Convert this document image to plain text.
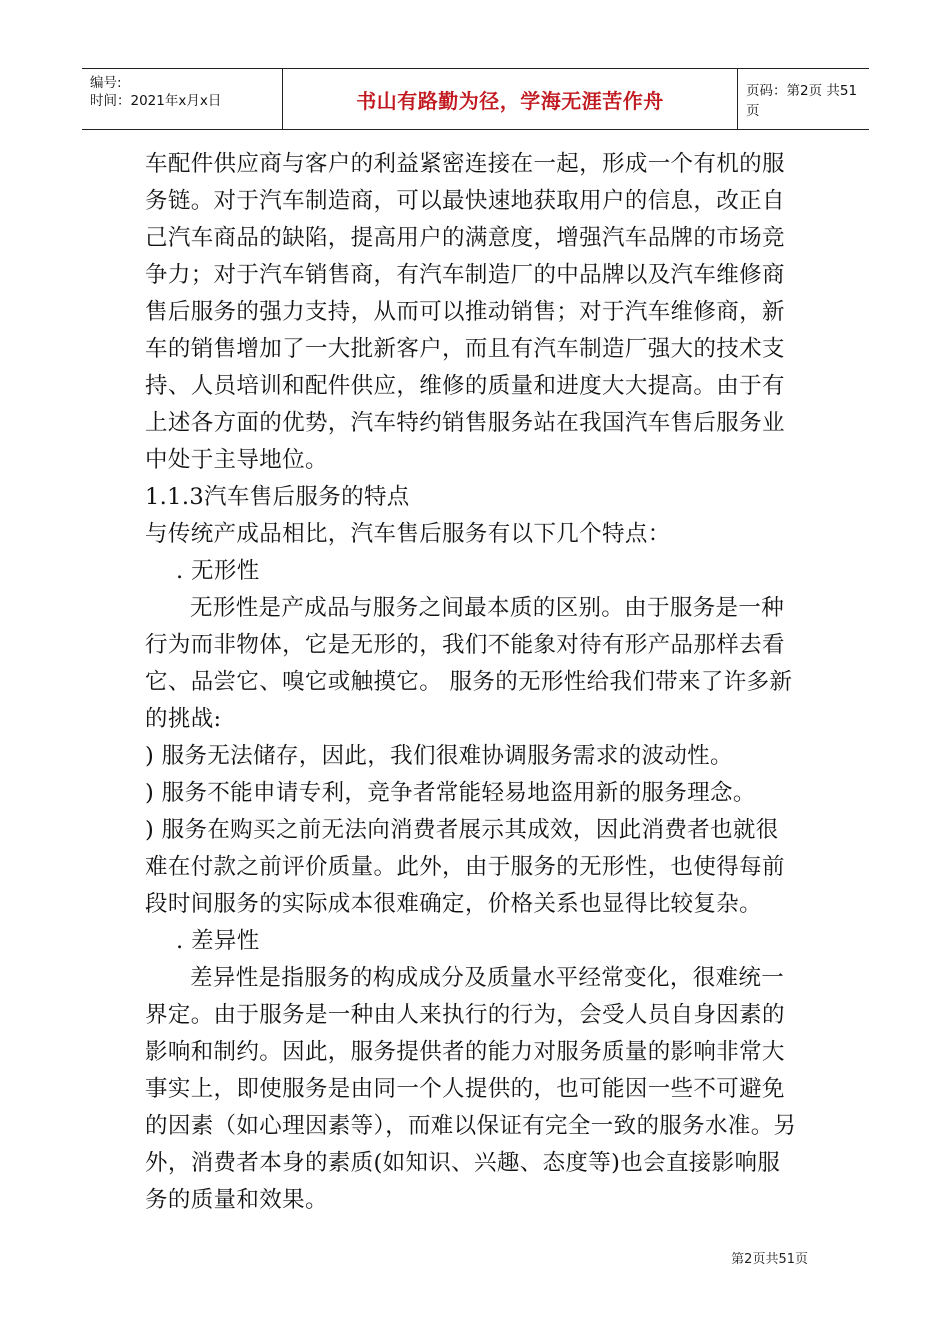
编号:
时间：2021年x月x日	书山有路勤为径，学海无涯苦作舟	页码：第2页 共51页
车配件供应商与客户的利益紧密连接在一起，形成一个有机的服
务链。对于汽车制造商，可以最快速地获取用户的信息，改正自
己汽车商品的缺陷，提高用户的满意度，增强汽车品牌的市场竞
争力；对于汽车销售商，有汽车制造厂的中品牌以及汽车维修商
售后服务的强力支持，从而可以推动销售；对于汽车维修商，新
车的销售增加了一大批新客户，而且有汽车制造厂强大的技术支
持、人员培训和配件供应，维修的质量和进度大大提高。由于有
上述各方面的优势，汽车特约销售服务站在我国汽车售后服务业
中处于主导地位。
1.1.3汽车售后服务的特点
与传统产成品相比，汽车售后服务有以下几个特点：
. 无形性
无形性是产成品与服务之间最本质的区别。由于服务是一种
行为而非物体，它是无形的，我们不能象对待有形产品那样去看
它、品尝它、嗅它或触摸它。 服务的无形性给我们带来了许多新
的挑战:
) 服务无法储存，因此，我们很难协调服务需求的波动性。
) 服务不能申请专利，竞争者常能轻易地盗用新的服务理念。
) 服务在购买之前无法向消费者展示其成效，因此消费者也就很
难在付款之前评价质量。此外，由于服务的无形性，也使得每前
段时间服务的实际成本很难确定，价格关系也显得比较复杂。
. 差异性
差异性是指服务的构成成分及质量水平经常变化，很难统一
界定。由于服务是一种由人来执行的行为，会受人员自身因素的
影响和制约。因此，服务提供者的能力对服务质量的影响非常大
事实上，即使服务是由同一个人提供的，也可能因一些不可避免
的因素（如心理因素等），而难以保证有完全一致的服务水准。另
外，消费者本身的素质(如知识、兴趣、态度等)也会直接影响服
务的质量和效果。
第2页共51页
